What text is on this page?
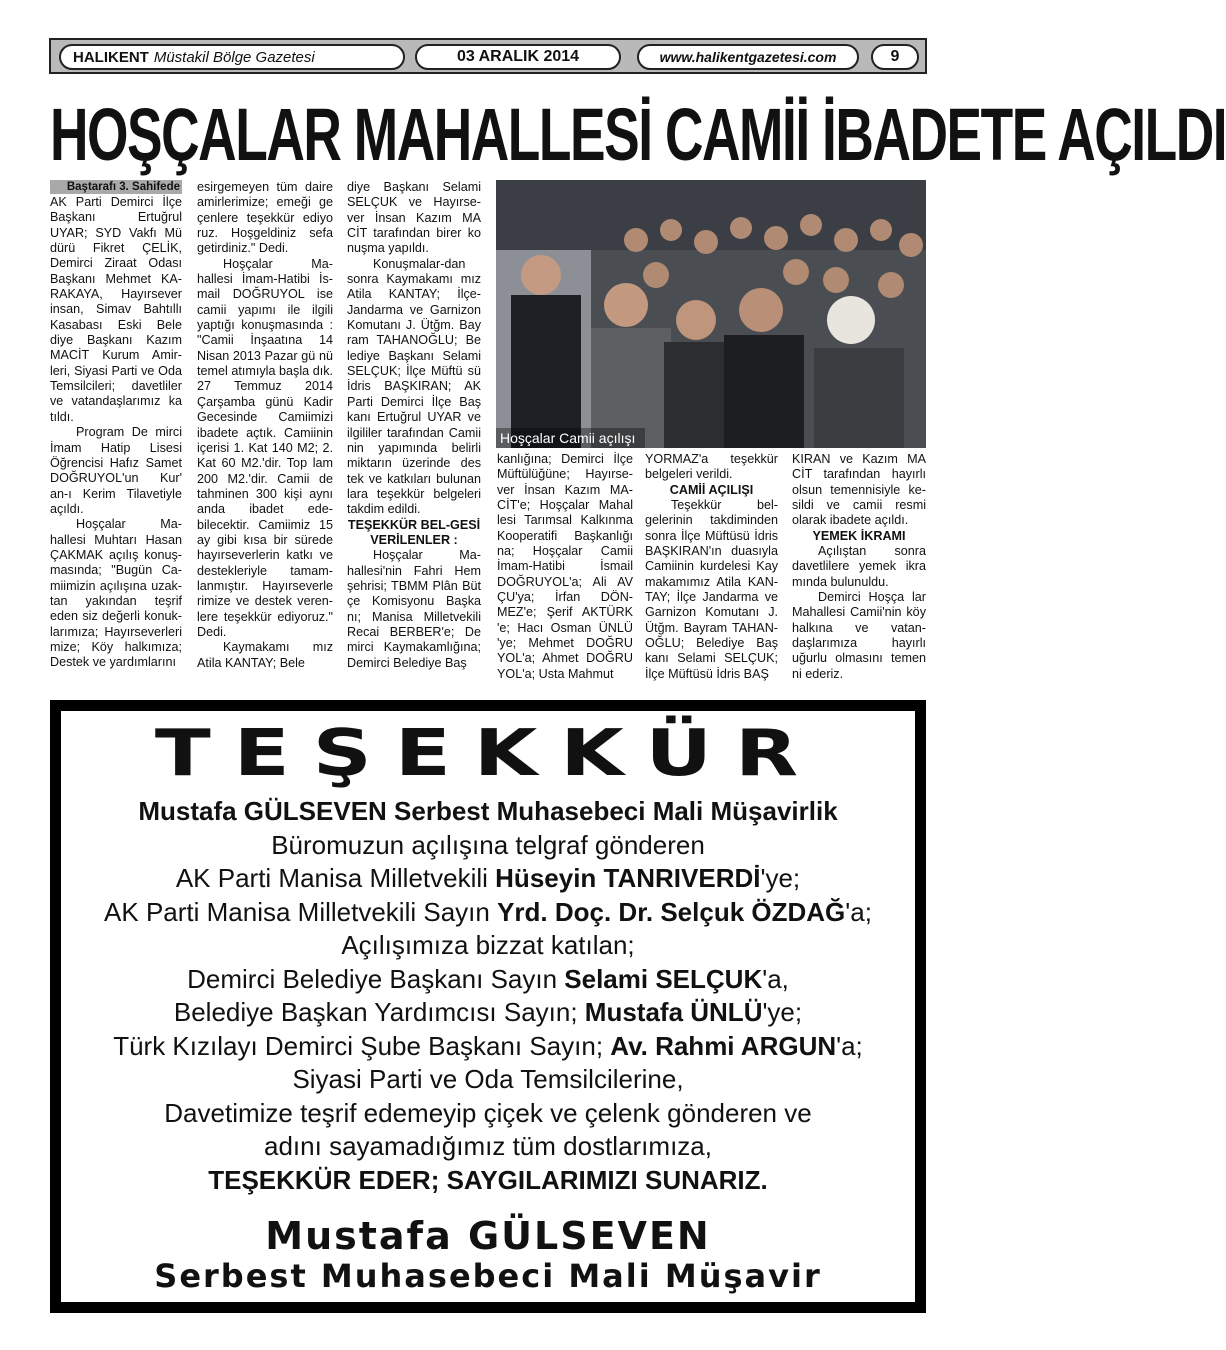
HALIKENT Müstakil Bölge Gazetesi	03 ARALIK 2014	www.halikentgazetesi.com	9
HOŞÇALAR MAHALLESİ CAMİİ İBADETE AÇILDI
Baştarafı 3. Sahifede

AK Parti Demirci İlçe Başkanı Ertuğrul UYAR; SYD Vakfı Mü dürü Fikret ÇELİK, Demirci Ziraat Odası Başkanı Mehmet KA-RAKAYA, Hayırsever insan, Simav Bahtıllı Kasabası Eski Bele diye Başkanı Kazım MACİT Kurum Amir-leri, Siyasi Parti ve Oda Temsilcileri; davetliler ve vatandaşlarımız ka tıldı.

Program De mirci İmam Hatip Lisesi Öğrencisi Hafız Samet DOĞRUYOL'un Kur' an-ı Kerim Tilavetiyle açıldı.

Hoşçalar Ma-hallesi Muhtarı Hasan ÇAKMAK açılış konuş-masında; "Bugün Ca-miimizin açılışına uzak-tan yakından teşrif eden siz değerli konuk-larımıza; Hayırseverleri mize; Köy halkımıza; Destek ve yardımlarını

esirgemeyen tüm daire amirlerimize; emeği ge çenlere teşekkür ediyo ruz. Hoşgeldiniz sefa getirdiniz." Dedi.

Hoşçalar Ma-hallesi İmam-Hatibi İs-mail DOĞRUYOL ise camii yapımı ile ilgili yaptığı konuşmasında : "Camii İnşaatına 14 Nisan 2013 Pazar gü nü temel atımıyla başla dık. 27 Temmuz 2014 Çarşamba günü Kadir Gecesinde Camiimizi ibadete açtık. Camiinin içerisi 1. Kat 140 M2; 2. Kat 60 M2.'dir. Top lam 200 M2.'dir. Camii de tahminen 300 kişi aynı anda ibadet ede-bilecektir. Camiimiz 15 ay gibi kısa bir sürede hayırseverlerin katkı ve destekleriyle tamam-lanmıştır. Hayırseverle rimize ve destek veren-lere teşekkür ediyoruz." Dedi.

Kaymakamı mız Atila KANTAY; Bele

diye Başkanı Selami SELÇUK ve Hayırse-ver İnsan Kazım MA CİT tarafından birer ko nuşma yapıldı.

Konuşmalar-dan sonra Kaymakamı mız Atila KANTAY; İlçe-Jandarma ve Garnizon Komutanı J. Ütğm. Bay ram TAHANOĞLU; Be lediye Başkanı Selami SELÇUK; İlçe Müftü sü İdris BAŞKIRAN; AK Parti Demirci İlçe Baş kanı Ertuğrul UYAR ve ilgililer tarafından Camii nin yapımında belirli miktarın üzerinde des tek ve katkıları bulunan lara teşekkür belgeleri takdim edildi.

TEŞEKKÜR BEL-GESİ VERİLENLER :

Hoşçalar Ma-hallesi'nin Fahri Hem şehrisi; TBMM Plân Büt çe Komisyonu Başka nı; Manisa Milletvekili Recai BERBER'e; De mirci Kaymakamlığına; Demirci Belediye Baş

Hoşçalar Camii açılışı

kanlığına; Demirci İlçe Müftülüğüne; Hayırse-ver İnsan Kazım MA-CİT'e; Hoşçalar Mahal lesi Tarımsal Kalkınma Kooperatifi Başkanlığı na; Hoşçalar Camii İmam-Hatibi İsmail DOĞRUYOL'a; Ali AV ÇU'ya; İrfan DÖN-MEZ'e; Şerif AKTÜRK 'e; Hacı Osman ÜNLÜ 'ye; Mehmet DOĞRU YOL'a; Ahmet DOĞRU YOL'a; Usta Mahmut

YORMAZ'a teşekkür belgeleri verildi.

CAMİİ AÇILIŞI

Teşekkür bel-gelerinin takdiminden sonra İlçe Müftüsü İdris BAŞKIRAN'ın duasıyla Camiinin kurdelesi Kay makamımız Atila KAN-TAY; İlçe Jandarma ve Garnizon Komutanı J. Ütğm. Bayram TAHAN-OĞLU; Belediye Baş kanı Selami SELÇUK; İlçe Müftüsü İdris BAŞ

KIRAN ve Kazım MA CİT tarafından hayırlı olsun temennisiyle ke-sildi ve camii resmi olarak ibadete açıldı.

YEMEK İKRAMI

Açılıştan sonra davetlilere yemek ikra mında bulunuldu.

Demirci Hoşça lar Mahallesi Camii'nin köy halkına ve vatan-daşlarımıza hayırlı uğurlu olmasını temen ni ederiz.

TEŞEKKÜR
Mustafa GÜLSEVEN Serbest Muhasebeci Mali Müşavirlik
Büromuzun açılışına telgraf gönderen
AK Parti Manisa Milletvekili Hüseyin TANRIVERDİ'ye;
AK Parti Manisa Milletvekili Sayın Yrd. Doç. Dr. Selçuk ÖZDAĞ'a;
Açılışımıza bizzat katılan;
Demirci Belediye Başkanı Sayın Selami SELÇUK'a,
Belediye Başkan Yardımcısı Sayın; Mustafa ÜNLÜ'ye;
Türk Kızılayı Demirci Şube Başkanı Sayın; Av. Rahmi ARGUN'a;
Siyasi Parti ve Oda Temsilcilerine,
Davetimize teşrif edemeyip çiçek ve çelenk gönderen ve
adını sayamadığımız tüm dostlarımıza,
TEŞEKKÜR EDER; SAYGILARIMIZI SUNARIZ.
Mustafa GÜLSEVEN
Serbest Muhasebeci Mali Müşavir
